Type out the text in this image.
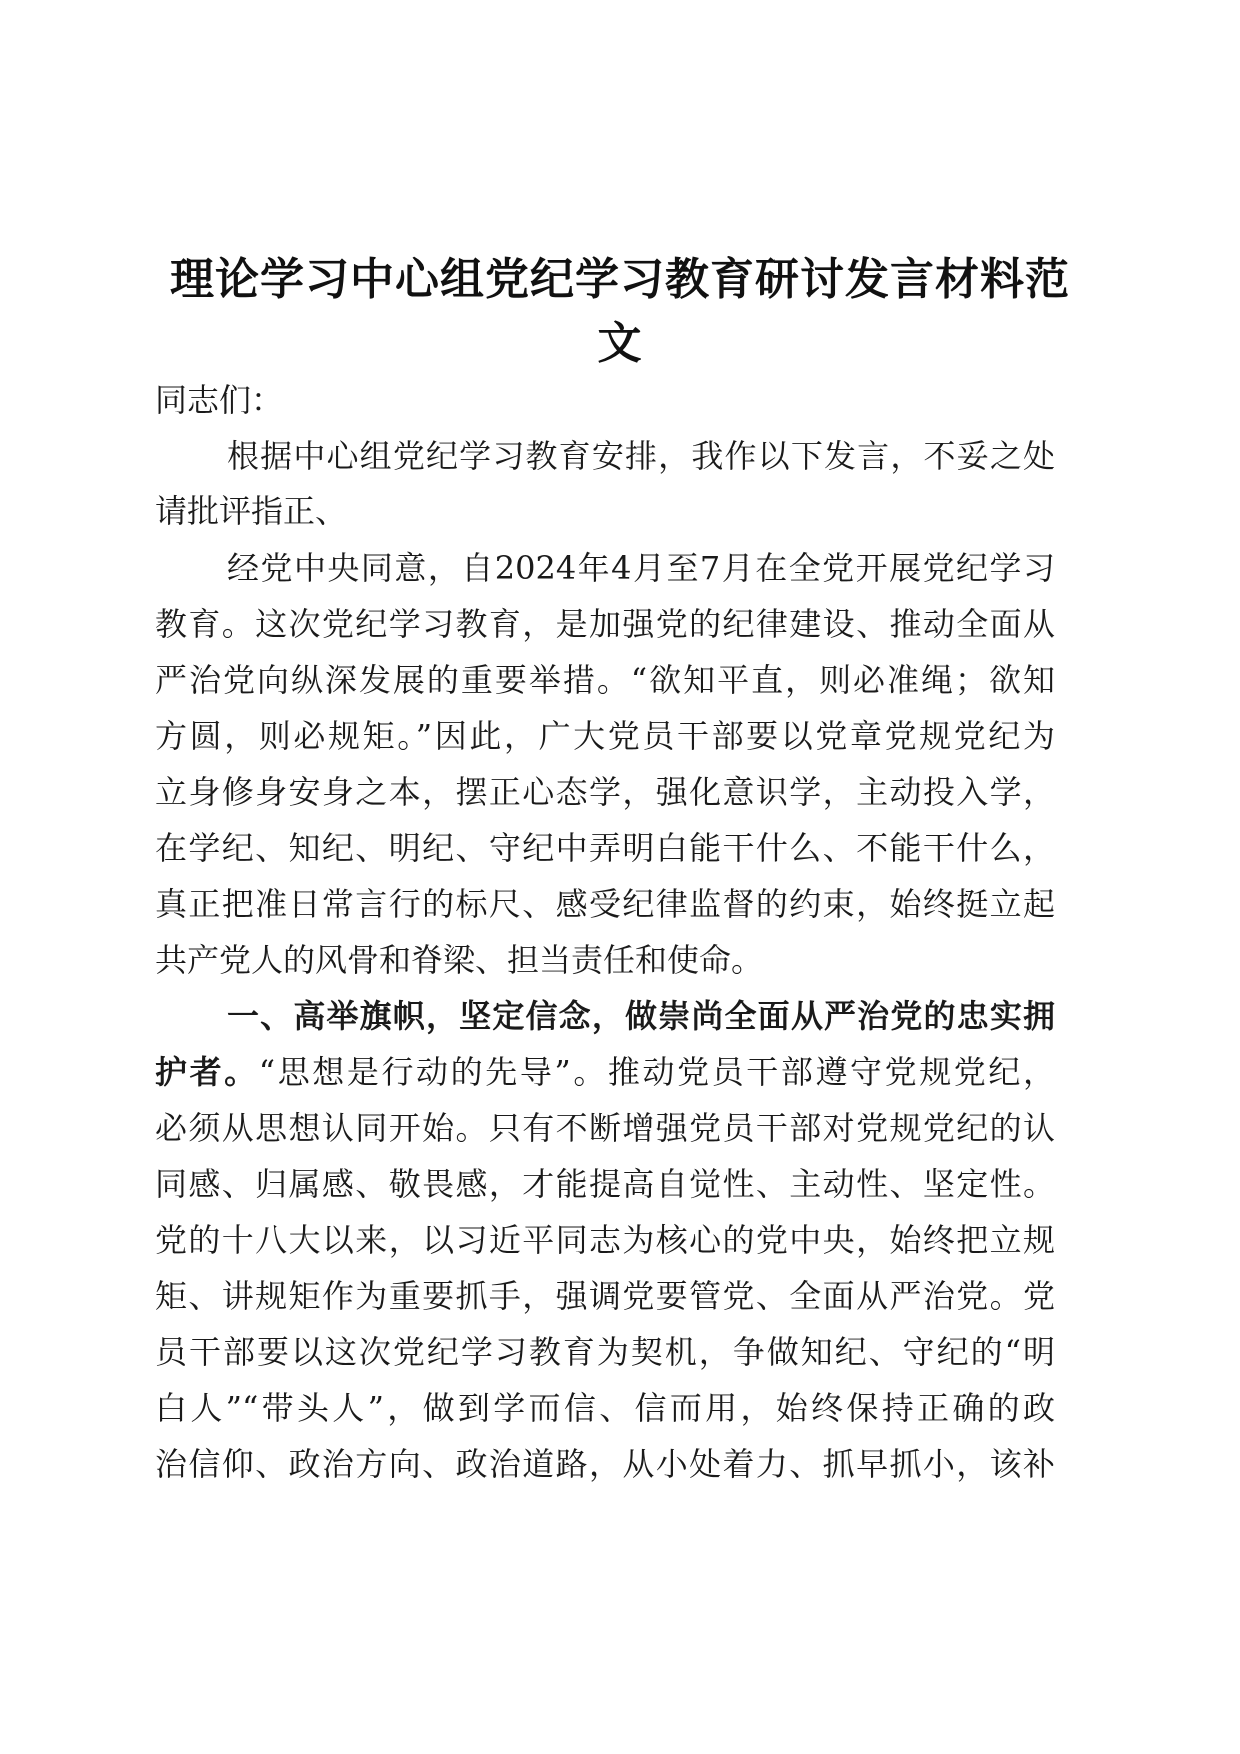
理论学习中心组党纪学习教育研讨发言材料范
文
同志们：
根据中心组党纪学习教育安排，我作以下发言，不妥之处
请批评指正、
经党中央同意，自2024年4月至7月在全党开展党纪学习
教育。这次党纪学习教育，是加强党的纪律建设、推动全面从
严治党向纵深发展的重要举措。“欲知平直，则必准绳；欲知
方圆，则必规矩。”因此，广大党员干部要以党章党规党纪为
立身修身安身之本，摆正心态学，强化意识学，主动投入学，
在学纪、知纪、明纪、守纪中弄明白能干什么、不能干什么，
真正把准日常言行的标尺、感受纪律监督的约束，始终挺立起
共产党人的风骨和脊梁、担当责任和使命。
一、高举旗帜，坚定信念，做崇尚全面从严治党的忠实拥
护者。“思想是行动的先导”。推动党员干部遵守党规党纪，
必须从思想认同开始。只有不断增强党员干部对党规党纪的认
同感、归属感、敬畏感，才能提高自觉性、主动性、坚定性。
党的十八大以来，以习近平同志为核心的党中央，始终把立规
矩、讲规矩作为重要抓手，强调党要管党、全面从严治党。党
员干部要以这次党纪学习教育为契机，争做知纪、守纪的“明
白人”“带头人”，做到学而信、信而用，始终保持正确的政
治信仰、政治方向、政治道路，从小处着力、抓早抓小，该补
